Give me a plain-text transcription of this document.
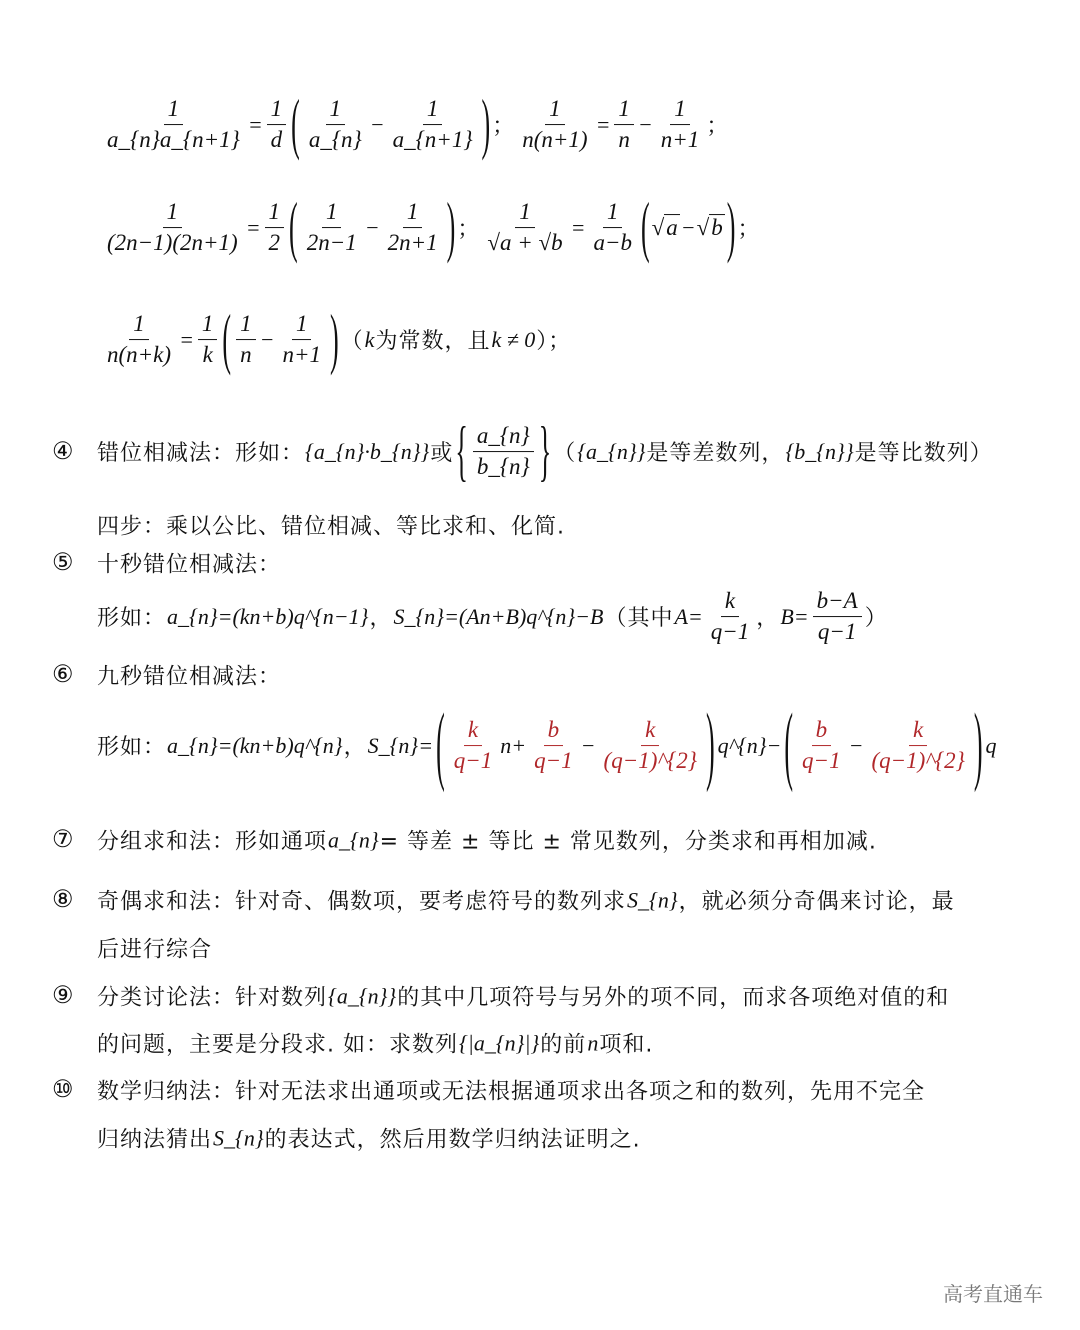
$\frac{1}{a\_\{n\}a\_\{n+1\}} = \frac{1}{d}$ ( $\frac{1}{a\_\{n\}} - \frac{1}{a\_\{n+1\}}$ ) ； $\frac{1}{n(n+1)} = \frac{1}{n} - \frac{1}{n+1}$ ；
$\frac{1}{(2n-1)(2n+1)} = \frac{1}{2}$ ( $\frac{1}{2n-1} - \frac{1}{2n+1}$ ) ； $\frac{1}{√a + √b} = \frac{1}{a-b}$ ( √a − √b ) ；
$\frac{1}{n(n+k)} = \frac{1}{k}$ ( $\frac{1}{n} - \frac{1}{n+1}$ ) （ k 为常数，且 k ≠ 0 ）；
④ 错位相减法：形如： {a_{n}·b_{n}} 或 { $\frac{a\_\{n\}}{b\_\{n\}}$ } （ {a_{n}} 是等差数列， {b_{n}} 是等比数列）
四步：乘以公比、错位相减、等比求和、化简.
⑤ 十秒错位相减法：
形如： a_{n}=(kn+b)q^{n−1} ， S_{n}=(An+B)q^{n}−B （其中 $A= \frac{k}{q-1}$ ， $B= \frac{b-A}{q-1}$ ）
⑥ 九秒错位相减法：
形如： a_{n}=(kn+b)q^{n} ， S_{n}= ( $\frac{k}{q-1} n+ \frac{b}{q-1} - \frac{k}{(q-1)\^{}\{2\}}$ ) q^{n}− ( $\frac{b}{q-1} - \frac{k}{(q-1)\^{}\{2\}}$ ) q
⑦ 分组求和法：形如通项 a_{n} = 等差 ± 等比 ± 常见数列，分类求和再相加减.
⑧ 奇偶求和法：针对奇、偶数项，要考虑符号的数列求 S_{n} ，就必须分奇偶来讨论，最
后进行综合
⑨ 分类讨论法：针对数列 {a_{n}} 的其中几项符号与另外的项不同，而求各项绝对值的和
的问题，主要是分段求. 如：求数列 {|a_{n}|} 的前 n 项和.
⑩ 数学归纳法：针对无法求出通项或无法根据通项求出各项之和的数列，先用不完全
归纳法猜出 S_{n} 的表达式，然后用数学归纳法证明之.
高考直通车
